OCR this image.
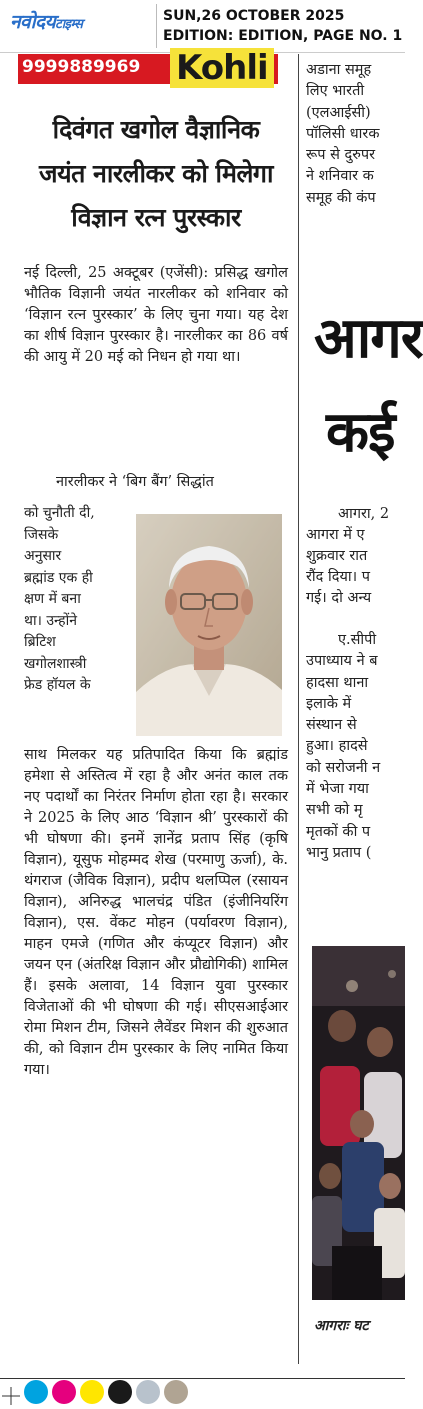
नवोदयटाइम्स
SUN,26 OCTOBER 2025
EDITION: EDITION, PAGE NO. 1
9999889969 Kohli
दिवंगत खगोल वैज्ञानिक
जयंत नारलीकर को मिलेगा
विज्ञान रत्न पुरस्कार
नई दिल्ली, 25 अक्टूबर (एजेंसी): प्रसिद्ध खगोल भौतिक विज्ञानी जयंत नारलीकर को शनिवार को ‘विज्ञान रत्न पुरस्कार’ के लिए चुना गया। यह देश का शीर्ष विज्ञान पुरस्कार है। नारलीकर का 86 वर्ष की आयु में 20 मई को निधन हो गया था।
नारलीकर ने ‘बिग बैंग’ सिद्धांत
को चुनौती दी,
जिसके
अनुसार
ब्रह्मांड एक ही
क्षण में बना
था। उन्होंने
ब्रिटिश
खगोलशास्त्री
फ्रेड हॉयल के
साथ मिलकर यह प्रतिपादित किया कि ब्रह्मांड हमेशा से अस्तित्व में रहा है और अनंत काल तक नए पदार्थों का निरंतर निर्माण होता रहा है। सरकार ने 2025 के लिए आठ ‘विज्ञान श्री’ पुरस्कारों की भी घोषणा की। इनमें ज्ञानेंद्र प्रताप सिंह (कृषि विज्ञान), यूसुफ मोहम्मद शेख (परमाणु ऊर्जा), के. थंगराज (जैविक विज्ञान), प्रदीप थलप्पिल (रसायन विज्ञान), अनिरुद्ध भालचंद्र पंडित (इंजीनियरिंग विज्ञान), एस. वेंकट मोहन (पर्यावरण विज्ञान), माहन एमजे (गणित और कंप्यूटर विज्ञान) और जयन एन (अंतरिक्ष विज्ञान और प्रौद्योगिकी) शामिल हैं। इसके अलावा, 14 विज्ञान युवा पुरस्कार विजेताओं की भी घोषणा की गई। सीएसआईआर रोमा मिशन टीम, जिसने लैवेंडर मिशन की शुरुआत की, को विज्ञान टीम पुरस्कार के लिए नामित किया गया।
अडाना समूह
लिए भारती
(एलआईसी)
पॉलिसी धारक
रूप से दुरुपर
ने शनिवार क
समूह की कंप
आगर
कई
आगरा, 2
आगरा में ए
शुक्रवार रात
रौंद दिया। प
गई। दो अन्य
ए.सीपी
उपाध्याय ने ब
हादसा थाना
इलाके में
संस्थान से
हुआ। हादसे
को सरोजनी न
में भेजा गया
सभी को मृ
मृतकों की प
भानु प्रताप (
आगराः घट
